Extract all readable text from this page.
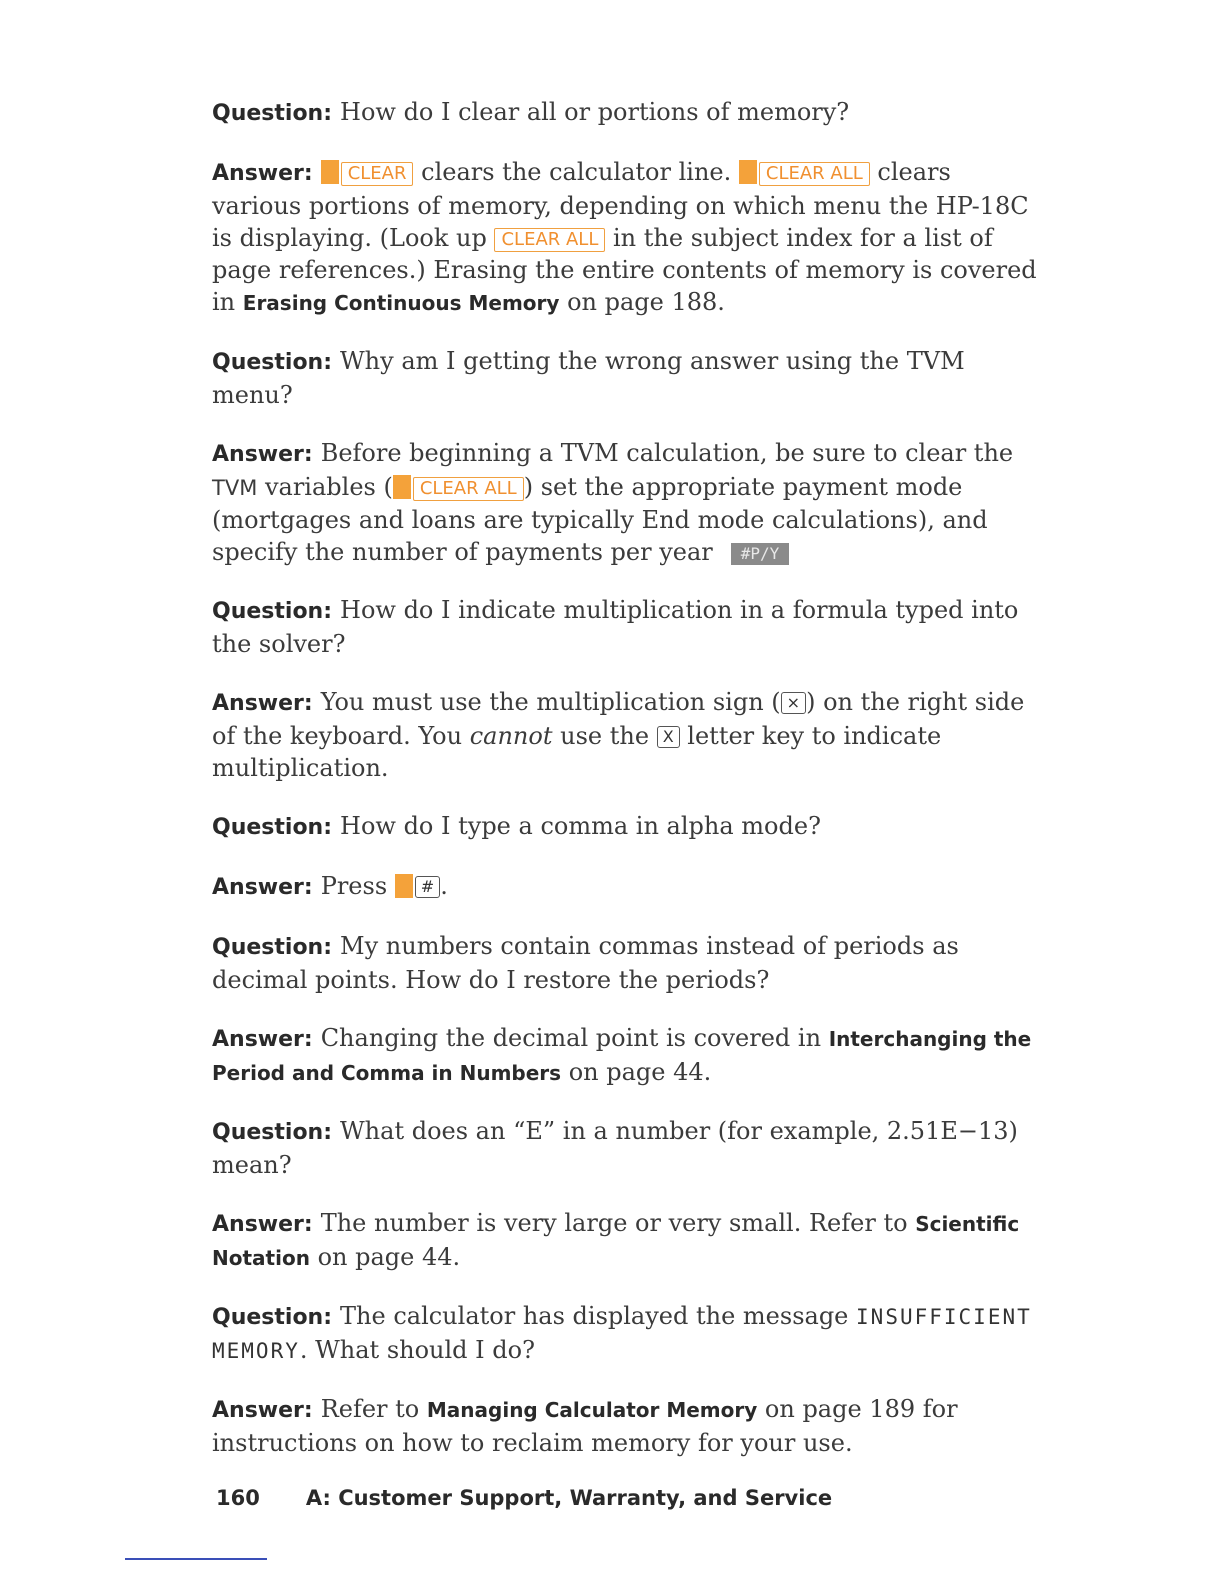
Question: How do I clear all or portions of memory?

Answer: CLEAR clears the calculator line. CLEAR ALL clears various portions of memory, depending on which menu the HP-18C is displaying. (Look up CLEAR ALL in the subject index for a list of page references.) Erasing the entire contents of memory is covered in Erasing Continuous Memory on page 188.

Question: Why am I getting the wrong answer using the TVM menu?

Answer: Before beginning a TVM calculation, be sure to clear the TVM variables ( CLEAR ALL ) set the appropriate payment mode (mortgages and loans are typically End mode calculations), and specify the number of payments per year #P/Y

Question: How do I indicate multiplication in a formula typed into the solver?

Answer: You must use the multiplication sign ( × ) on the right side of the keyboard. You cannot use the X letter key to indicate multiplication.

Question: How do I type a comma in alpha mode?

Answer: Press # .

Question: My numbers contain commas instead of periods as decimal points. How do I restore the periods?

Answer: Changing the decimal point is covered in Interchanging the Period and Comma in Numbers on page 44.

Question: What does an “E” in a number (for example, 2.51E−13) mean?

Answer: The number is very large or very small. Refer to Scientific Notation on page 44.

Question: The calculator has displayed the message INSUFFICIENT MEMORY. What should I do?

Answer: Refer to Managing Calculator Memory on page 189 for instructions on how to reclaim memory for your use.

160 A: Customer Support, Warranty, and Service
